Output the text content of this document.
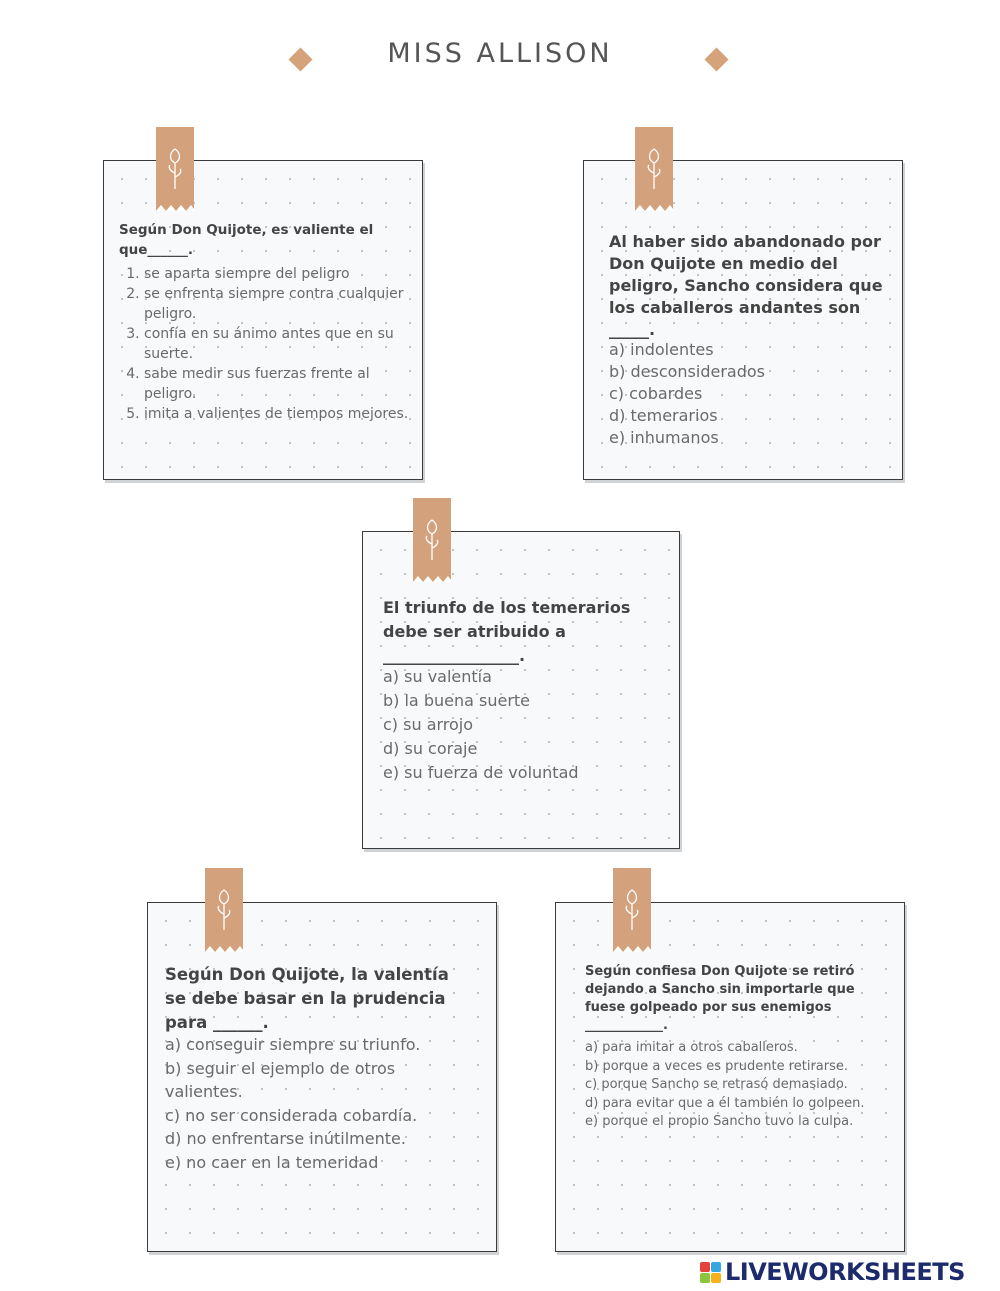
MISS ALLISON
Según Don Quijote, es valiente el que______.
1. se aparta siempre del peligro
2. se enfrenta siempre contra cualquier peligro.
3. confía en su ánimo antes que en su suerte.
4. sabe medir sus fuerzas frente al peligro.
5. imita a valientes de tiempos mejores.
Al haber sido abandonado por Don Quijote en medio del peligro, Sancho considera que los caballeros andantes son _____.
a) indolentes
b) desconsiderados
c) cobardes
d) temerarios
e) inhumanos
El triunfo de los temerarios debe ser atribuido a _________________.
a) su valentía
b) la buena suerte
c) su arrojo
d) su coraje
e) su fuerza de voluntad
Según Don Quijote, la valentía se debe basar en la prudencia para ______.
a) conseguir siempre su triunfo.
b) seguir el ejemplo de otros valientes.
c) no ser considerada cobardía.
d) no enfrentarse inútilmente.
e) no caer en la temeridad
Según confiesa Don Quijote se retiró dejando a Sancho sin importarle que fuese golpeado por sus enemigos ____________.
a) para imitar a otros caballeros.
b) porque a veces es prudente retirarse.
c) porque Sancho se retrasó demasiado.
d) para evitar que a él también lo golpeen.
e) porque el propio Sancho tuvo la culpa.
LIVEWORKSHEETS
